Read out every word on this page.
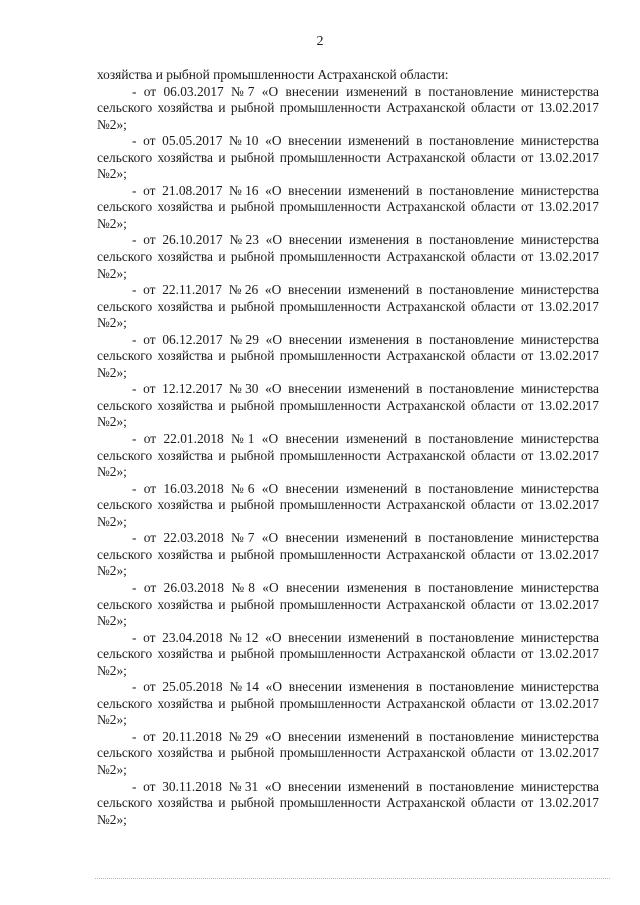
2

хозяйства и рыбной промышленности Астраханской области:

- от 06.03.2017 №7 «О внесении изменений в постановление министерства сельского хозяйства и рыбной промышленности Астраханской области от 13.02.2017 №2»;

- от 05.05.2017 №10 «О внесении изменений в постановление министерства сельского хозяйства и рыбной промышленности Астраханской области от 13.02.2017 №2»;

- от 21.08.2017 №16 «О внесении изменений в постановление министерства сельского хозяйства и рыбной промышленности Астраханской области от 13.02.2017 №2»;

- от 26.10.2017 №23 «О внесении изменения в постановление министерства сельского хозяйства и рыбной промышленности Астраханской области от 13.02.2017 №2»;

- от 22.11.2017 №26 «О внесении изменений в постановление министерства сельского хозяйства и рыбной промышленности Астраханской области от 13.02.2017 №2»;

- от 06.12.2017 №29 «О внесении изменения в постановление министерства сельского хозяйства и рыбной промышленности Астраханской области от 13.02.2017 №2»;

- от 12.12.2017 №30 «О внесении изменений в постановление министерства сельского хозяйства и рыбной промышленности Астраханской области от 13.02.2017 №2»;

- от 22.01.2018 №1 «О внесении изменений в постановление министерства сельского хозяйства и рыбной промышленности Астраханской области от 13.02.2017 №2»;

- от 16.03.2018 №6 «О внесении изменений в постановление министерства сельского хозяйства и рыбной промышленности Астраханской области от 13.02.2017 №2»;

- от 22.03.2018 №7 «О внесении изменений в постановление министерства сельского хозяйства и рыбной промышленности Астраханской области от 13.02.2017 №2»;

- от 26.03.2018 №8 «О внесении изменения в постановление министерства сельского хозяйства и рыбной промышленности Астраханской области от 13.02.2017 №2»;

- от 23.04.2018 №12 «О внесении изменений в постановление министерства сельского хозяйства и рыбной промышленности Астраханской области от 13.02.2017 №2»;

- от 25.05.2018 №14 «О внесении изменения в постановление министерства сельского хозяйства и рыбной промышленности Астраханской области от 13.02.2017 №2»;

- от 20.11.2018 №29 «О внесении изменений в постановление министерства сельского хозяйства и рыбной промышленности Астраханской области от 13.02.2017 №2»;

- от 30.11.2018 №31 «О внесении изменений в постановление министерства сельского хозяйства и рыбной промышленности Астраханской области от 13.02.2017 №2»;
